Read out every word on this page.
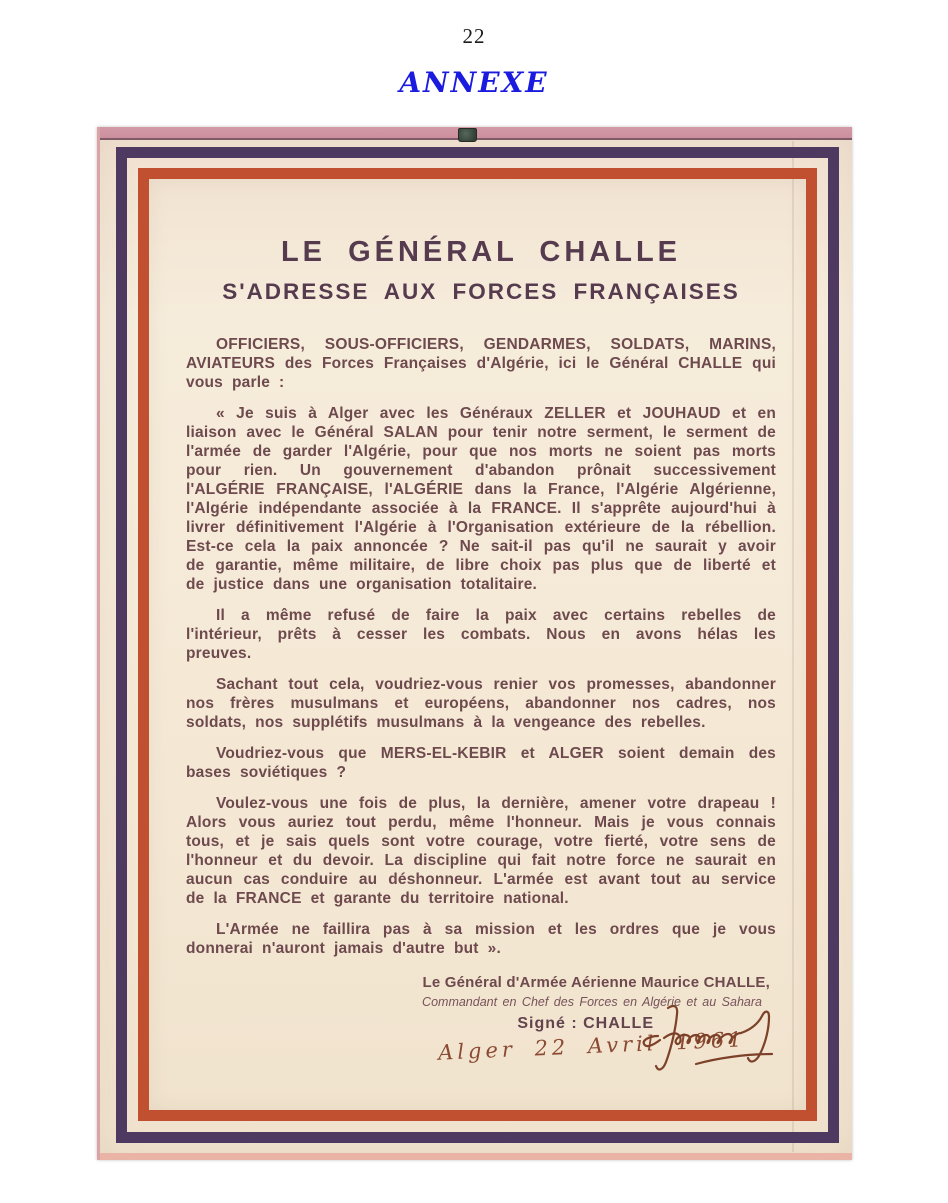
22
ANNEXE
LE GÉNÉRAL CHALLE
S'ADRESSE AUX FORCES FRANÇAISES

OFFICIERS, SOUS-OFFICIERS, GENDARMES, SOLDATS, MARINS, AVIATEURS des Forces Françaises d'Algérie, ici le Général CHALLE qui vous parle :

« Je suis à Alger avec les Généraux ZELLER et JOUHAUD et en liaison avec le Général SALAN pour tenir notre serment, le serment de l'armée de garder l'Algérie, pour que nos morts ne soient pas morts pour rien. Un gouvernement d'abandon prônait successivement l'ALGÉRIE FRANÇAISE, l'ALGÉRIE dans la France, l'Algérie Algérienne, l'Algérie indépendante associée à la FRANCE. Il s'apprête aujourd'hui à livrer définitivement l'Algérie à l'Organisation extérieure de la rébellion. Est-ce cela la paix annoncée ? Ne sait-il pas qu'il ne saurait y avoir de garantie, même militaire, de libre choix pas plus que de liberté et de justice dans une organisation totalitaire.

Il a même refusé de faire la paix avec certains rebelles de l'intérieur, prêts à cesser les combats. Nous en avons hélas les preuves.

Sachant tout cela, voudriez-vous renier vos promesses, abandonner nos frères musulmans et européens, abandonner nos cadres, nos soldats, nos supplétifs musulmans à la vengeance des rebelles.

Voudriez-vous que MERS-EL-KEBIR et ALGER soient demain des bases soviétiques ?

Voulez-vous une fois de plus, la dernière, amener votre drapeau ! Alors vous auriez tout perdu, même l'honneur. Mais je vous connais tous, et je sais quels sont votre courage, votre fierté, votre sens de l'honneur et du devoir. La discipline qui fait notre force ne saurait en aucun cas conduire au déshonneur. L'armée est avant tout au service de la FRANCE et garante du territoire national.

L'Armée ne faillira pas à sa mission et les ordres que je vous donnerai n'auront jamais d'autre but ».

Le Général d'Armée Aérienne Maurice CHALLE,
Commandant en Chef des Forces en Algérie et au Sahara
Signé : CHALLE
Alger 22 Avril 1961
